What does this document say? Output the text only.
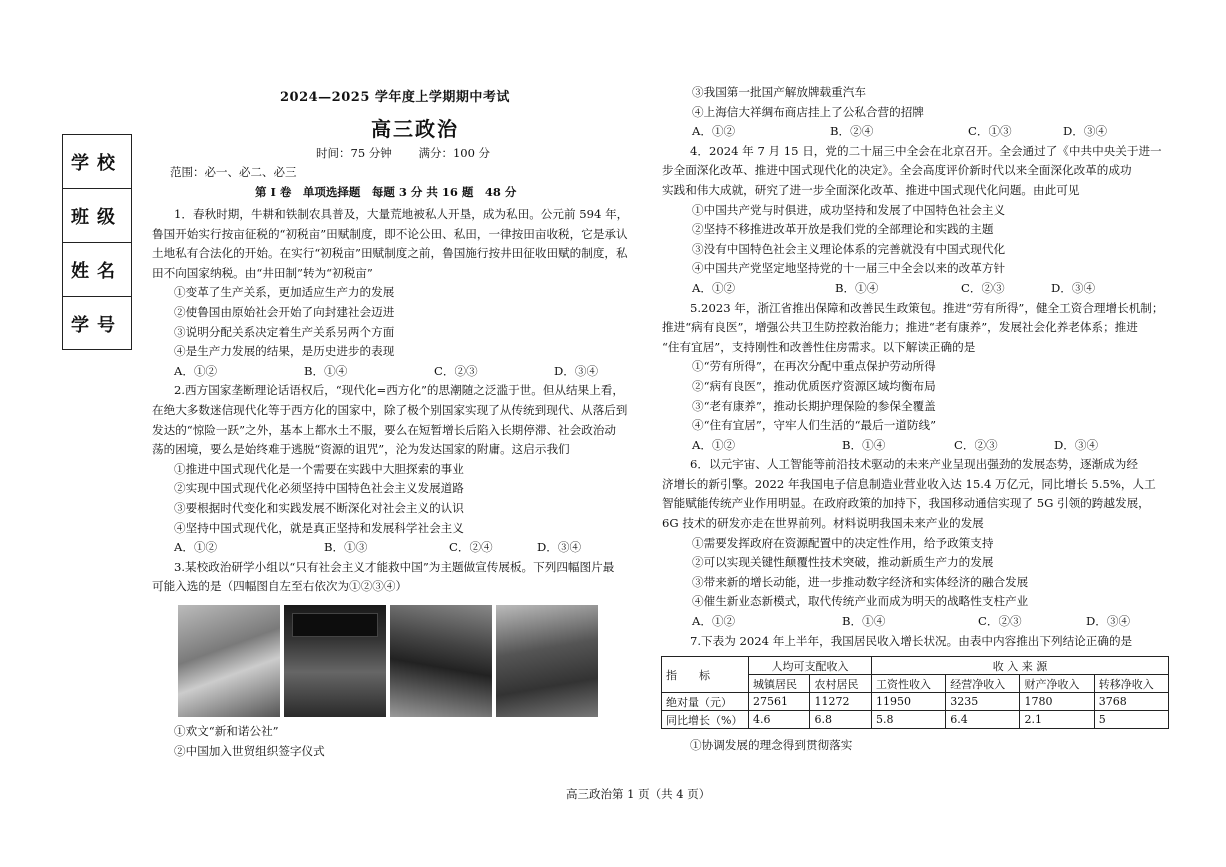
学校
班级
姓名
学号
2024—2025 学年度上学期期中考试
高三政治
时间：75 分钟　　 满分：100 分
范围：必一、必二、必三
第 I 卷　单项选择题　每题 3 分 共 16 题　48 分

1．春秋时期，牛耕和铁制农具普及，大量荒地被私人开垦，成为私田。公元前 594 年，

鲁国开始实行按亩征税的“初税亩”田赋制度，即不论公田、私田，一律按田亩收税，它是承认

土地私有合法化的开始。在实行“初税亩”田赋制度之前，鲁国施行按井田征收田赋的制度，私

田不向国家纳税。由“井田制”转为“初税亩”

①变革了生产关系，更加适应生产力的发展

②使鲁国由原始社会开始了向封建社会迈进

③说明分配关系决定着生产关系另两个方面

④是生产力发展的结果，是历史进步的表现

A．①②	B．①④	C．②③	D．③④

2.西方国家垄断理论话语权后，“现代化=西方化”的思潮随之泛滥于世。但从结果上看，

在绝大多数迷信现代化等于西方化的国家中，除了极个别国家实现了从传统到现代、从落后到

发达的“惊险一跃”之外，基本上都水土不服，要么在短暂增长后陷入长期停滞、社会政治动

荡的困境，要么是始终难于逃脱“资源的诅咒”，沦为发达国家的附庸。这启示我们

①推进中国式现代化是一个需要在实践中大胆探索的事业

②实现中国式现代化必须坚持中国特色社会主义发展道路

③要根据时代变化和实践发展不断深化对社会主义的认识

④坚持中国式现代化，就是真正坚持和发展科学社会主义

A．①②	B．①③	C．②④	D．③④

3.某校政治研学小组以“只有社会主义才能救中国”为主题做宣传展板。下列四幅图片最

可能入选的是（四幅图自左至右依次为①②③④）

①欢文“新和诺公社”

②中国加入世贸组织签字仪式

③我国第一批国产解放牌载重汽车

④上海信大祥绸布商店挂上了公私合营的招牌

A．①②	B．②④	C．①③	D．③④

4．2024 年 7 月 15 日，党的二十届三中全会在北京召开。全会通过了《中共中央关于进一

步全面深化改革、推进中国式现代化的决定》。全会高度评价新时代以来全面深化改革的成功

实践和伟大成就，研究了进一步全面深化改革、推进中国式现代化问题。由此可见

①中国共产党与时俱进，成功坚持和发展了中国特色社会主义

②坚持不移推进改革开放是我们党的全部理论和实践的主题

③没有中国特色社会主义理论体系的完善就没有中国式现代化

④中国共产党坚定地坚持党的十一届三中全会以来的改革方针

A．①②	B．①④	C．②③	D．③④

5.2023 年，浙江省推出保障和改善民生政策包。推进“劳有所得”，健全工资合理增长机制；

推进“病有良医”，增强公共卫生防控救治能力；推进“老有康养”，发展社会化养老体系；推进

“住有宜居”，支持刚性和改善性住房需求。以下解读正确的是

①“劳有所得”，在再次分配中重点保护劳动所得

②“病有良医”，推动优质医疗资源区域均衡布局

③“老有康养”，推动长期护理保险的参保全覆盖

④“住有宜居”，守牢人们生活的“最后一道防线”

A．①②	B．①④	C．②③	D．③④

6．以元宇宙、人工智能等前沿技术驱动的未来产业呈现出强劲的发展态势，逐渐成为经

济增长的新引擎。2022 年我国电子信息制造业营业收入达 15.4 万亿元，同比增长 5.5%，人工

智能赋能传统产业作用明显。在政府政策的加持下，我国移动通信实现了 5G 引领的跨越发展，

6G 技术的研发亦走在世界前列。材料说明我国未来产业的发展

①需要发挥政府在资源配置中的决定性作用，给予政策支持

②可以实现关键性颠覆性技术突破，推动新质生产力的发展

③带来新的增长动能，进一步推动数字经济和实体经济的融合发展

④催生新业态新模式，取代传统产业而成为明天的战略性支柱产业

A．①②	B．①④	C．②③	D．③④

7.下表为 2024 年上半年，我国居民收入增长状况。由表中内容推出下列结论正确的是

指　　标	人均可支配收入		收 入 来 源			
	城镇居民	农村居民	工资性收入	经营净收入	财产净收入	转移净收入
绝对量（元）	27561	11272	11950	3235	1780	3768
同比增长（%）	4.6	6.8	5.8	6.4	2.1	5

①协调发展的理念得到贯彻落实

高三政治第 1 页（共 4 页）
